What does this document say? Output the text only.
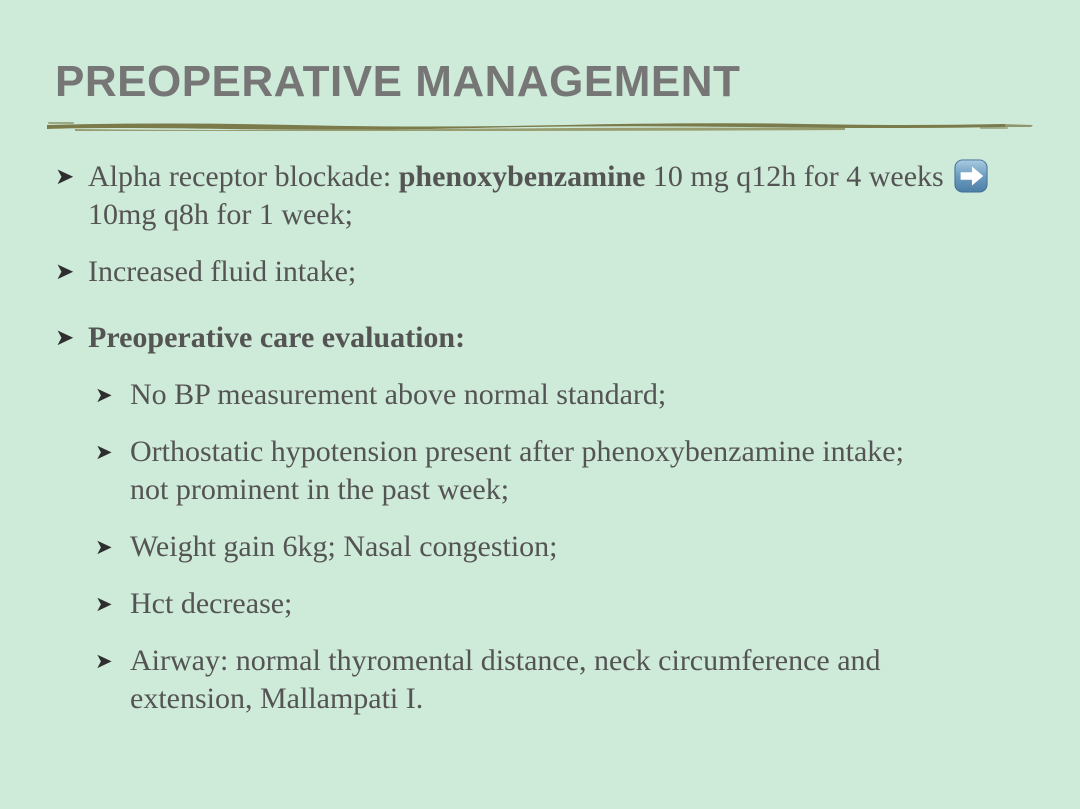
PREOPERATIVE MANAGEMENT
➤ Alpha receptor blockade: phenoxybenzamine 10 mg q12h for 4 weeks
10mg q8h for 1 week;
➤ Increased fluid intake;
➤ Preoperative care evaluation:
➤ No BP measurement above normal standard;
➤ Orthostatic hypotension present after phenoxybenzamine intake;
not prominent in the past week;
➤ Weight gain 6kg; Nasal congestion;
➤ Hct decrease;
➤ Airway: normal thyromental distance, neck circumference and
extension, Mallampati I.
